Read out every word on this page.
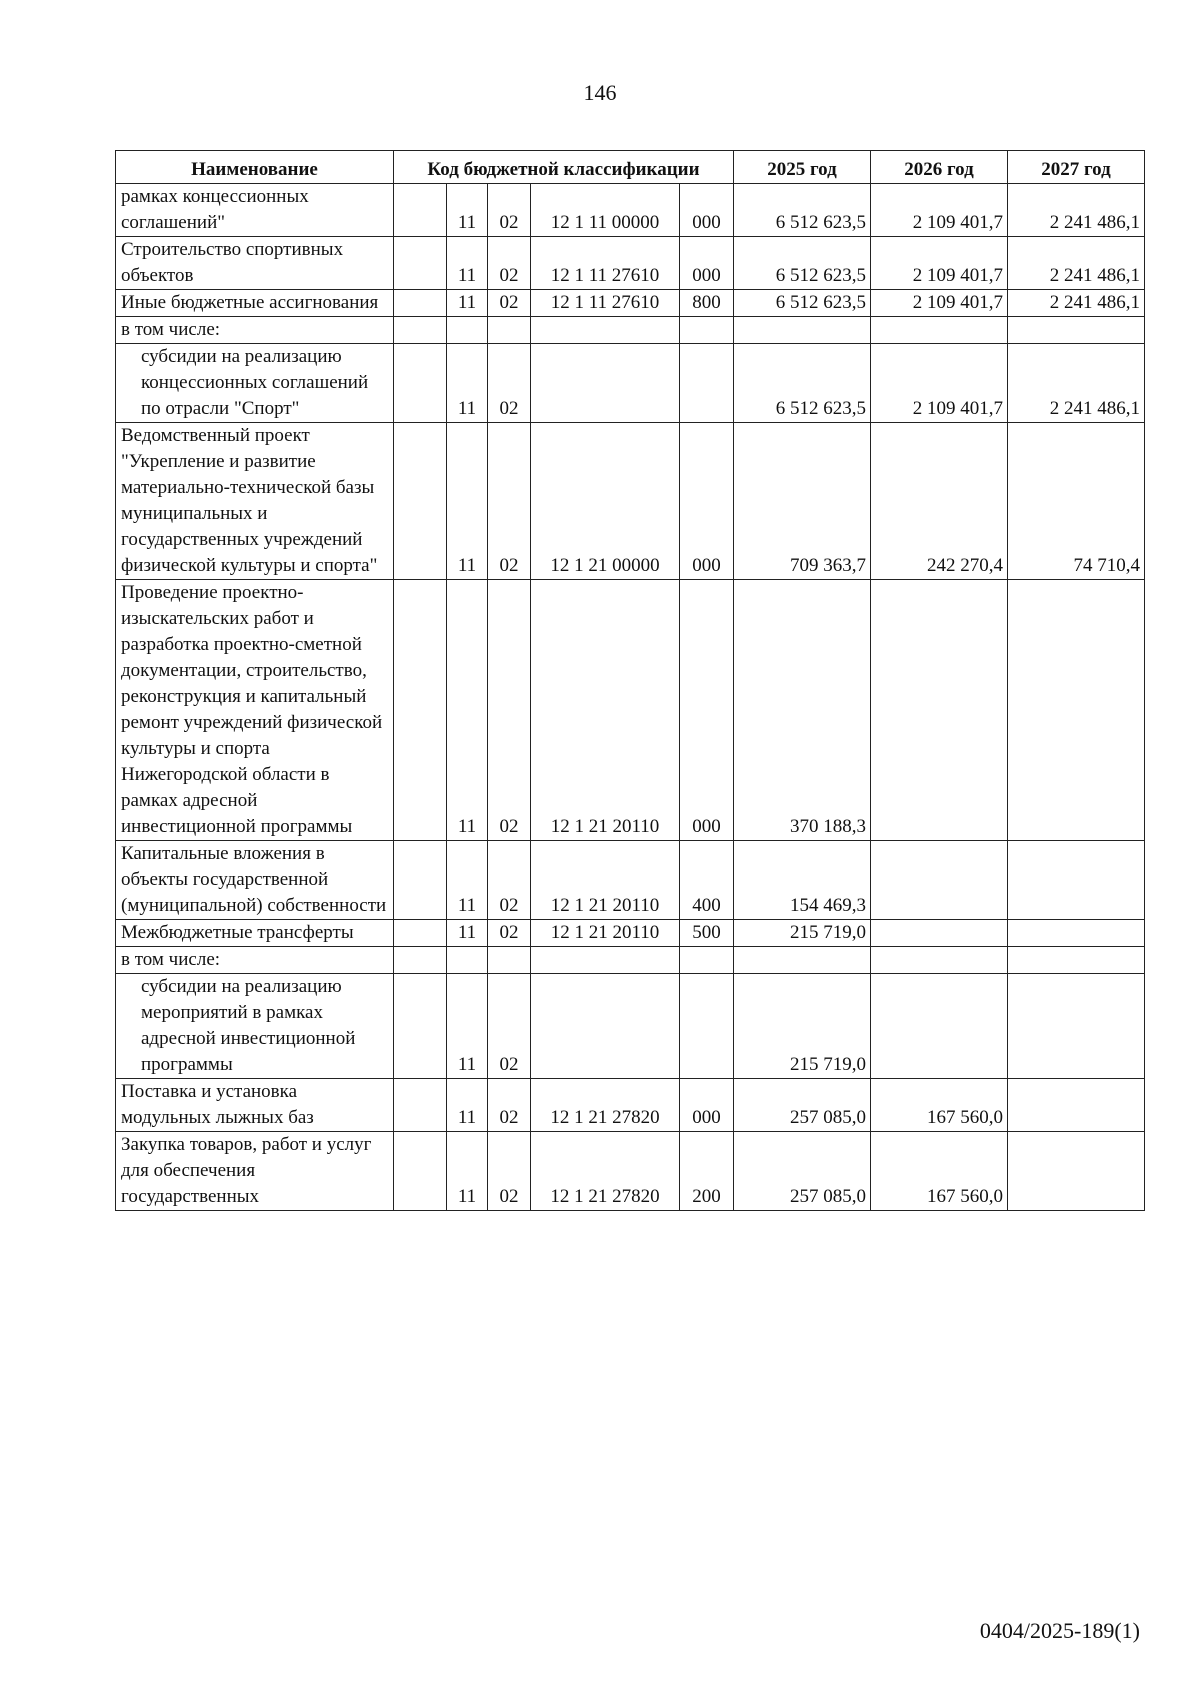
146
Наименование	Код бюджетной классификации					2025 год	2026 год	2027 год
рамках концессионных соглашений"		11	02	12 1 11 00000	000	6 512 623,5	2 109 401,7	2 241 486,1
Строительство спортивных объектов		11	02	12 1 11 27610	000	6 512 623,5	2 109 401,7	2 241 486,1
Иные бюджетные ассигнования		11	02	12 1 11 27610	800	6 512 623,5	2 109 401,7	2 241 486,1
в том числе:								
субсидии на реализацию концессионных соглашений по отрасли "Спорт"		11	02			6 512 623,5	2 109 401,7	2 241 486,1
Ведомственный проект "Укрепление и развитие материально-технической базы муниципальных и государственных учреждений физической культуры и спорта"		11	02	12 1 21 00000	000	709 363,7	242 270,4	74 710,4
Проведение проектно-изыскательских работ и разработка проектно-сметной документации, строительство, реконструкция и капитальный ремонт учреждений физической культуры и спорта Нижегородской области в рамках адресной инвестиционной программы		11	02	12 1 21 20110	000	370 188,3		
Капитальные вложения в объекты государственной (муниципальной) собственности		11	02	12 1 21 20110	400	154 469,3		
Межбюджетные трансферты		11	02	12 1 21 20110	500	215 719,0		
в том числе:								
субсидии на реализацию мероприятий в рамках адресной инвестиционной программы		11	02			215 719,0		
Поставка и установка модульных лыжных баз		11	02	12 1 21 27820	000	257 085,0	167 560,0	
Закупка товаров, работ и услуг для обеспечения государственных		11	02	12 1 21 27820	200	257 085,0	167 560,0	
0404/2025-189(1)
